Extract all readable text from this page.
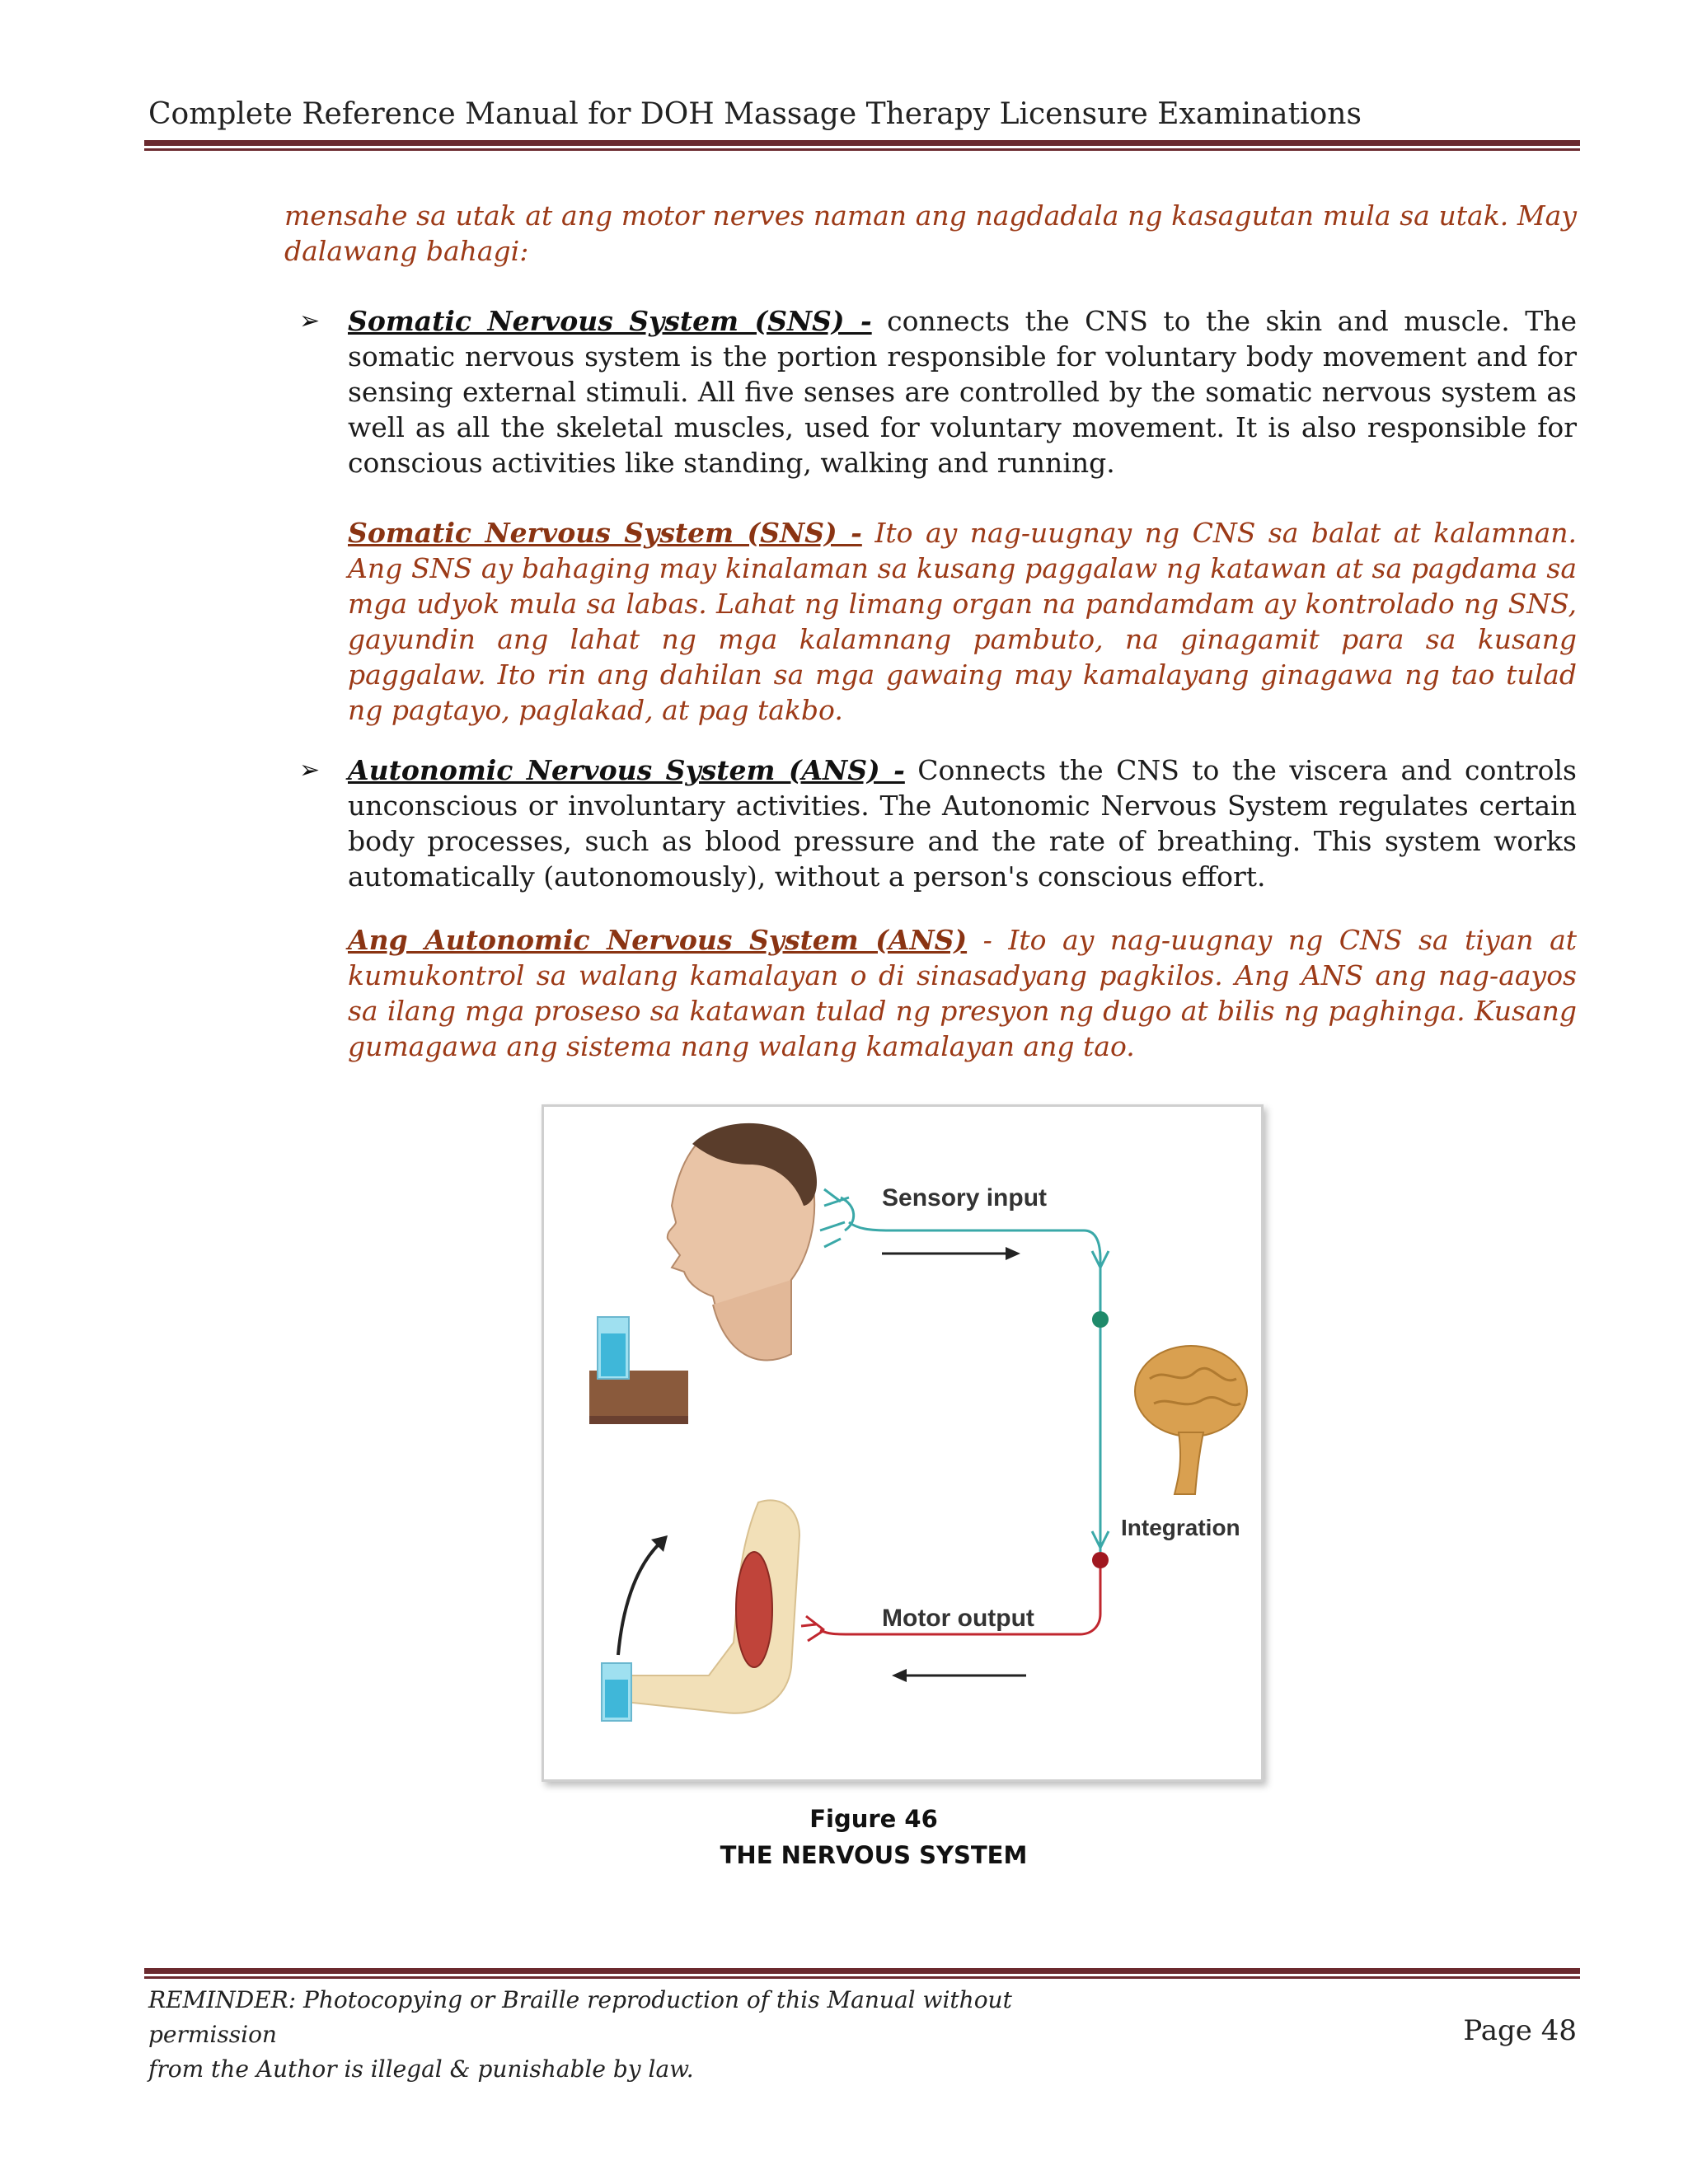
Complete Reference Manual for DOH Massage Therapy Licensure Examinations

mensahe sa utak at ang motor nerves naman ang nagdadala ng kasagutan mula sa utak. May dalawang bahagi:

➢ Somatic Nervous System (SNS) - connects the CNS to the skin and muscle. The somatic nervous system is the portion responsible for voluntary body movement and for sensing external stimuli. All five senses are controlled by the somatic nervous system as well as all the skeletal muscles, used for voluntary movement. It is also responsible for conscious activities like standing, walking and running.

Somatic Nervous System (SNS) - Ito ay nag-uugnay ng CNS sa balat at kalamnan. Ang SNS ay bahaging may kinalaman sa kusang paggalaw ng katawan at sa pagdama sa mga udyok mula sa labas. Lahat ng limang organ na pandamdam ay kontrolado ng SNS, gayundin ang lahat ng mga kalamnang pambuto, na ginagamit para sa kusang paggalaw. Ito rin ang dahilan sa mga gawaing may kamalayang ginagawa ng tao tulad ng pagtayo, paglakad, at pag takbo.

➢ Autonomic Nervous System (ANS) - Connects the CNS to the viscera and controls unconscious or involuntary activities. The Autonomic Nervous System regulates certain body processes, such as blood pressure and the rate of breathing. This system works automatically (autonomously), without a person's conscious effort.

Ang Autonomic Nervous System (ANS) - Ito ay nag-uugnay ng CNS sa tiyan at kumukontrol sa walang kamalayan o di sinasadyang pagkilos. Ang ANS ang nag-aayos sa ilang mga proseso sa katawan tulad ng presyon ng dugo at bilis ng paghinga. Kusang gumagawa ang sistema nang walang kamalayan ang tao.

Sensory input
Integration
Motor output
Figure 46
THE NERVOUS SYSTEM
REMINDER: Photocopying or Braille reproduction of this Manual without permission
from the Author is illegal & punishable by law.
Page 48
